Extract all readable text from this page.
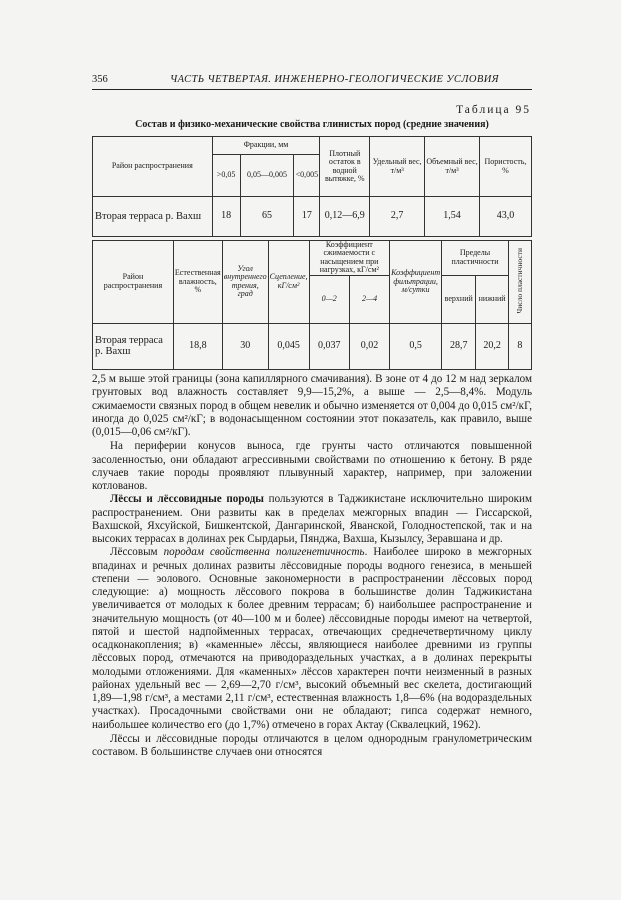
356	ЧАСТЬ ЧЕТВЕРТАЯ. ИНЖЕНЕРНО-ГЕОЛОГИЧЕСКИЕ УСЛОВИЯ
Таблица 95
Состав и физико-механические свойства глинистых пород (средние значения)
Район распространения	Фракции, мм			Плотный остаток в водной вытяжке, %	Удельный вес, т/м³	Объемный вес, т/м³	Пористость, %
	>0,05	0,05—0,005	<0,005				
Вторая терраса р. Вахш	18	65	17	0,12—6,9	2,7	1,54	43,0
Район распространения	Естественная влажность, %	Угол внутреннего трения, град	Сцепление, кГ/см²	Коэффициент сжимаемости с насыщением при нагрузках, кГ/см²		Коэффициент фильтрации, м/сутки	Пределы пластичности		Число пластичности
				0—2	2—4		верхний	нижний	
Вторая терраса р. Вахш	18,8	30	0,045	0,037	0,02	0,5	28,7	20,2	8

2,5 м выше этой границы (зона капиллярного смачивания). В зоне от 4 до 12 м над зеркалом грунтовых вод влажность составляет 9,9—15,2%, а выше — 2,5—8,4%. Модуль сжимаемости связных пород в общем невелик и обычно изменяется от 0,004 до 0,015 см²/кГ, иногда до 0,025 см²/кГ; в водонасыщенном состоянии этот показатель, как правило, выше (0,015—0,06 см²/кГ).

На периферии конусов выноса, где грунты часто отличаются повышенной засоленностью, они обладают агрессивными свойствами по отношению к бетону. В ряде случаев такие породы проявляют плывунный характер, например, при заложении котлованов.

Лёссы и лёссовидные породы пользуются в Таджикистане исключительно широким распространением. Они развиты как в пределах межгорных впадин — Гиссарской, Вахшской, Яхсуйской, Бишкентской, Дангаринской, Яванской, Голодностепской, так и на высоких террасах в долинах рек Сырдарьи, Пянджа, Вахша, Кызылсу, Зеравшана и др.

Лёссовым породам свойственна полигенетичность. Наиболее широко в межгорных впадинах и речных долинах развиты лёссовидные породы водного генезиса, в меньшей степени — эолового. Основные закономерности в распространении лёссовых пород следующие: а) мощность лёссового покрова в большинстве долин Таджикистана увеличивается от молодых к более древним террасам; б) наибольшее распространение и значительную мощность (от 40—100 м и более) лёссовидные породы имеют на четвертой, пятой и шестой надпойменных террасах, отвечающих среднечетвертичному циклу осадконакопления; в) «каменные» лёссы, являющиеся наиболее древними из группы лёссовых пород, отмечаются на приводораздельных участках, а в долинах перекрыты молодыми отложениями. Для «каменных» лёссов характерен почти неизменный в разных районах удельный вес — 2,69—2,70 г/см³, высокий объемный вес скелета, достигающий 1,89—1,98 г/см³, а местами 2,11 г/см³, естественная влажность 1,8—6% (на водораздельных участках). Просадочными свойствами они не обладают; гипса содержат немного, наибольшее количество его (до 1,7%) отмечено в горах Актау (Сквалецкий, 1962).

Лёссы и лёссовидные породы отличаются в целом однородным гранулометрическим составом. В большинстве случаев они относятся
